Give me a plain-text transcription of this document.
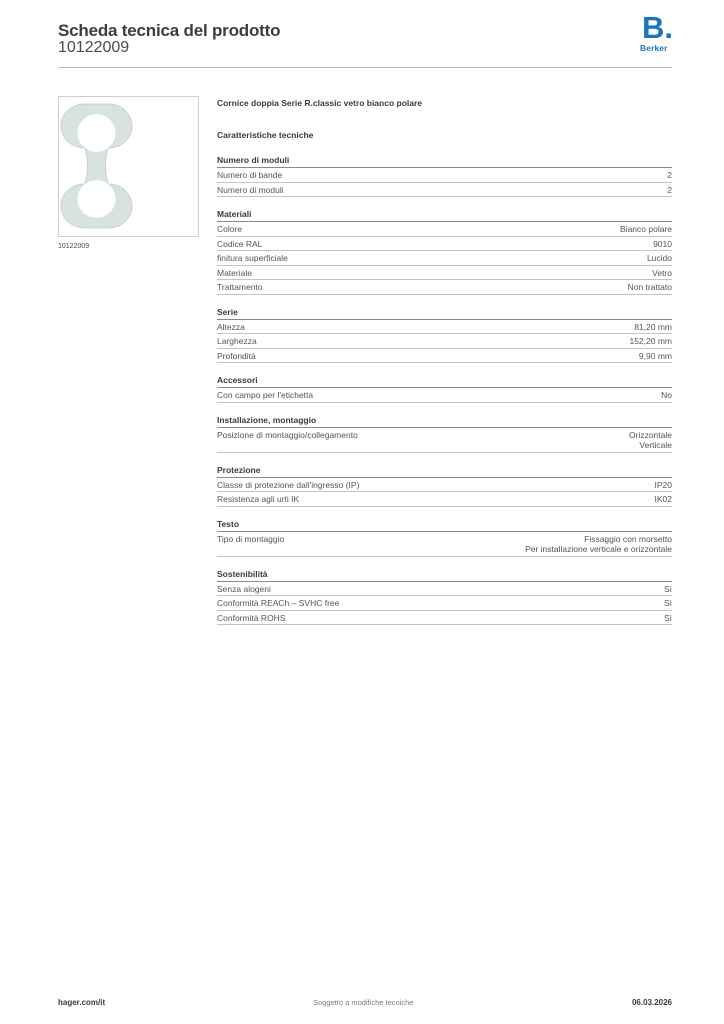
Scheda tecnica del prodotto
10122009
B.
Berker
10122009
Cornice doppia Serie R.classic vetro bianco polare
Caratteristiche tecniche
Numero di moduli
Numero di bande	2
Numero di moduli	2
Materiali
Colore	Bianco polare
Codice RAL	9010
finitura superficiale	Lucido
Materiale	Vetro
Trattamento	Non trattato
Serie
Altezza	81,20 mm
Larghezza	152,20 mm
Profondità	9,90 mm
Accessori
Con campo per l'etichetta	No
Installazione, montaggio
Posizione di montaggio/collegamento	Orizzontale
Verticale
Protezione
Classe di protezione dall'ingresso (IP)	IP20
Resistenza agli urti IK	IK02
Testo
Tipo di montaggio	Fissaggio con morsetto
Per installazione verticale e orizzontale
Sostenibilità
Senza alogeni	Sì
Conformità REACh – SVHC free	Sì
Conformità ROHS	Sì
hager.com/it	Soggetto a modifiche tecniche	06.03.2026
